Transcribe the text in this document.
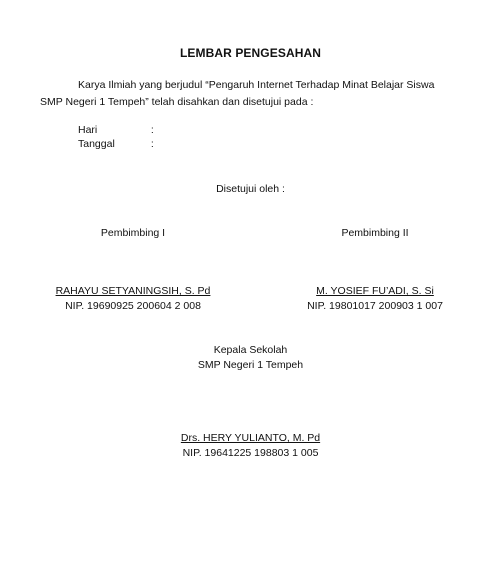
LEMBAR PENGESAHAN
Karya Ilmiah yang berjudul “Pengaruh Internet Terhadap Minat Belajar Siswa
SMP Negeri 1 Tempeh” telah disahkan dan disetujui pada :
Hari	:
Tanggal	:
Disetujui oleh :
Pembimbing I	Pembimbing II
RAHAYU SETYANINGSIH, S. Pd	M. YOSIEF FU’ADI, S. Si
NIP. 19690925 200604 2 008	NIP. 19801017 200903 1 007
Kepala Sekolah
SMP Negeri 1 Tempeh
Drs. HERY YULIANTO, M. Pd
NIP. 19641225 198803 1 005
